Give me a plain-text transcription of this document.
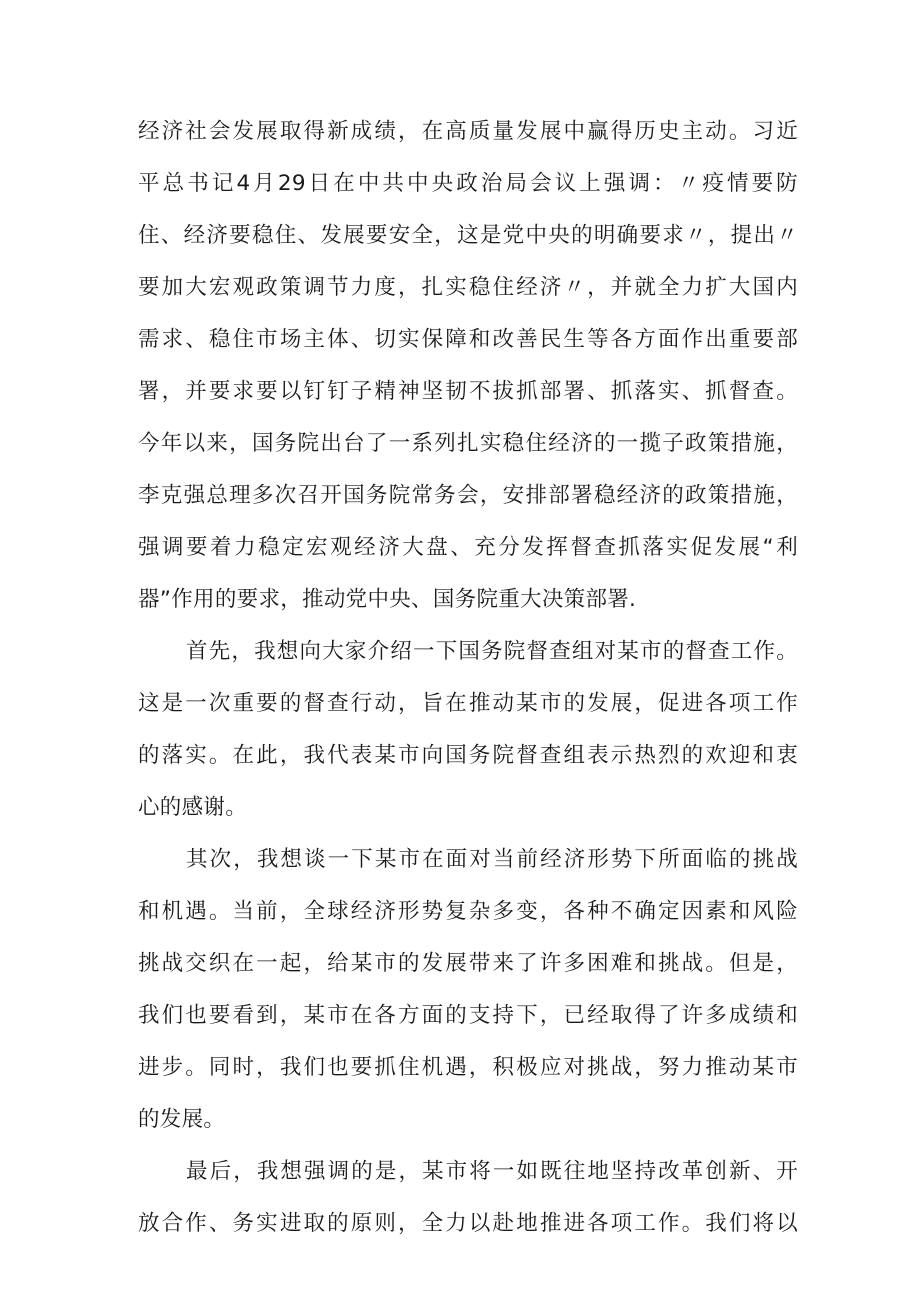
经济社会发展取得新成绩，在高质量发展中赢得历史主动。习近
平总书记4月29日在中共中央政治局会议上强调：〃疫情要防
住、经济要稳住、发展要安全，这是党中央的明确要求〃，提出〃
要加大宏观政策调节力度，扎实稳住经济〃，并就全力扩大国内
需求、稳住市场主体、切实保障和改善民生等各方面作出重要部
署，并要求要以钉钉子精神坚韧不拔抓部署、抓落实、抓督查。
今年以来，国务院出台了一系列扎实稳住经济的一揽子政策措施，
李克强总理多次召开国务院常务会，安排部署稳经济的政策措施，
强调要着力稳定宏观经济大盘、充分发挥督查抓落实促发展“利
器”作用的要求，推动党中央、国务院重大决策部署.
首先，我想向大家介绍一下国务院督查组对某市的督查工作。
这是一次重要的督查行动，旨在推动某市的发展，促进各项工作
的落实。在此，我代表某市向国务院督查组表示热烈的欢迎和衷
心的感谢。
其次，我想谈一下某市在面对当前经济形势下所面临的挑战
和机遇。当前，全球经济形势复杂多变，各种不确定因素和风险
挑战交织在一起，给某市的发展带来了许多困难和挑战。但是，
我们也要看到，某市在各方面的支持下，已经取得了许多成绩和
进步。同时，我们也要抓住机遇，积极应对挑战，努力推动某市
的发展。
最后，我想强调的是，某市将一如既往地坚持改革创新、开
放合作、务实进取的原则，全力以赴地推进各项工作。我们将以
